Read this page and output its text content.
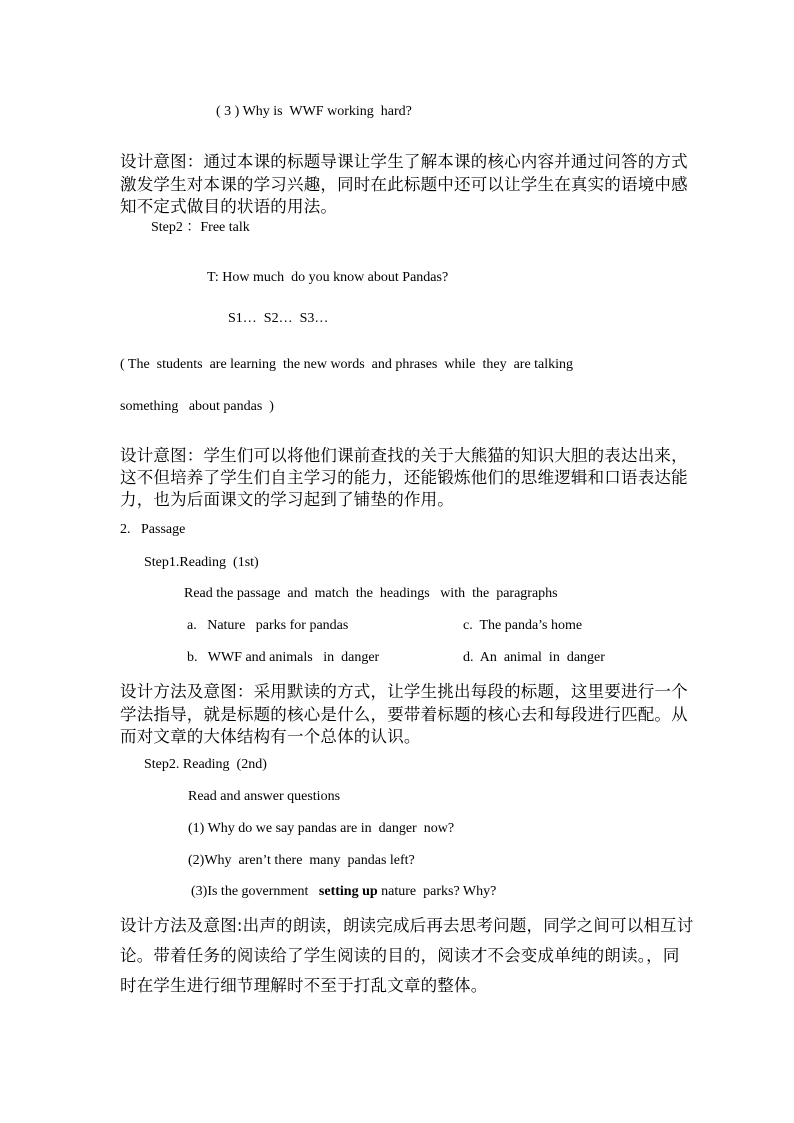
( 3 ) Why is  WWF working  hard?
设计意图：通过本课的标题导课让学生了解本课的核心内容并通过问答的方式
激发学生对本课的学习兴趣，同时在此标题中还可以让学生在真实的语境中感
知不定式做目的状语的用法。
Step2 ：Free talk
T: How much  do you know about Pandas?
S1…  S2…  S3…
( The  students  are learning  the new words  and phrases  while  they  are talking
something   about pandas  )
设计意图：学生们可以将他们课前查找的关于大熊猫的知识大胆的表达出来，
这不但培养了学生们自主学习的能力，还能锻炼他们的思维逻辑和口语表达能
力，也为后面课文的学习起到了铺垫的作用。
2.   Passage
Step1.Reading  (1st)
Read the passage  and  match  the  headings   with  the  paragraphs
a.   Nature   parks for pandas	c.  The panda’s home
b.   WWF and animals   in  danger	d.  An  animal  in  danger
设计方法及意图：采用默读的方式，让学生挑出每段的标题，这里要进行一个
学法指导，就是标题的核心是什么，要带着标题的核心去和每段进行匹配。从
而对文章的大体结构有一个总体的认识。
Step2. Reading  (2nd)
Read and answer questions
(1) Why do we say pandas are in  danger  now?
(2)Why  aren’t there  many  pandas left?
(3)Is the government   setting up nature  parks? Why?
设计方法及意图:出声的朗读，朗读完成后再去思考问题，同学之间可以相互讨
论。带着任务的阅读给了学生阅读的目的，阅读才不会变成单纯的朗读。，同
时在学生进行细节理解时不至于打乱文章的整体。
